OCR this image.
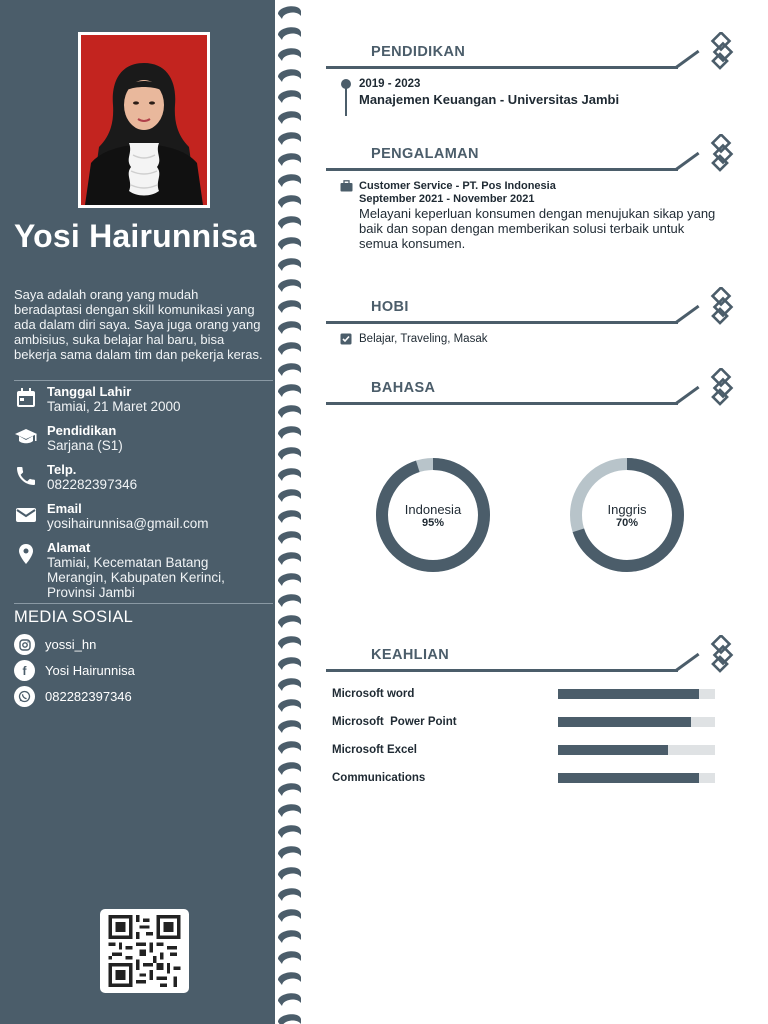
Yosi Hairunnisa
Saya adalah orang yang mudah beradaptasi dengan skill komunikasi yang ada dalam diri saya. Saya juga orang yang ambisius, suka belajar hal baru, bisa bekerja sama dalam tim dan pekerja keras.
Tanggal Lahir
Tamiai, 21 Maret 2000
Pendidikan
Sarjana (S1)
Telp.
082282397346
Email
yosihairunnisa@gmail.com
Alamat
Tamiai, Kecematan Batang Merangin, Kabupaten Kerinci, Provinsi Jambi
MEDIA SOSIAL
yossi_hn
f	Yosi Hairunnisa
082282397346
PENDIDIKAN
2019 - 2023
Manajemen Keuangan - Universitas Jambi
PENGALAMAN
Customer Service - PT. Pos Indonesia
September 2021 - November 2021
Melayani keperluan konsumen dengan menujukan sikap yang baik dan sopan dengan memberikan solusi terbaik untuk semua konsumen.
HOBI
Belajar, Traveling, Masak
BAHASA
Indonesia
95%
Inggris
70%
KEAHLIAN
Microsoft word
Microsoft  Power Point
Microsoft Excel
Communications
